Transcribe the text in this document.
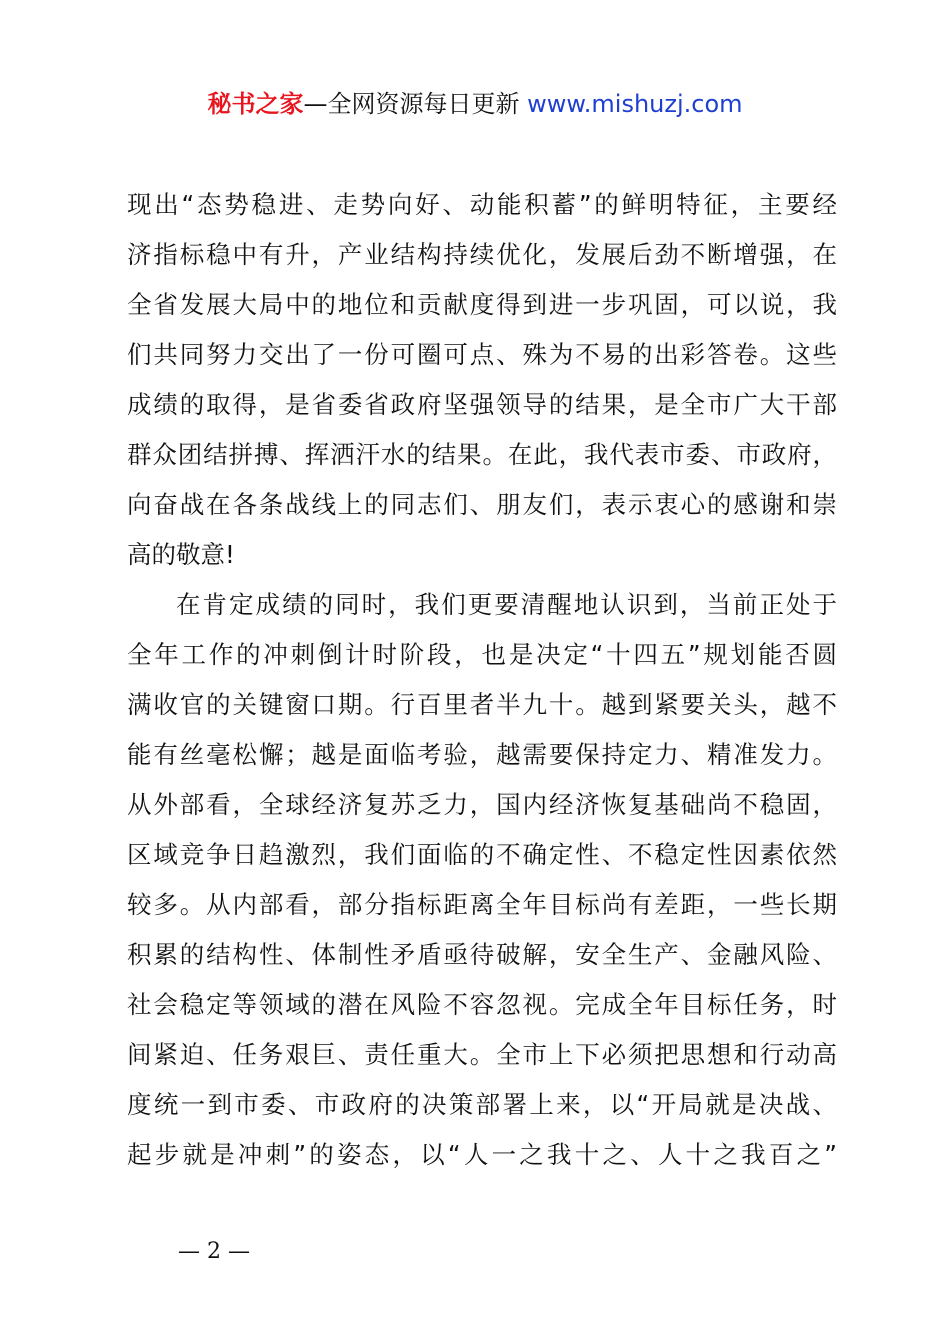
秘书之家—全网资源每日更新 www.mishuzj.com
现出“态势稳进、走势向好、动能积蓄”的鲜明特征，主要经
济指标稳中有升，产业结构持续优化，发展后劲不断增强，在
全省发展大局中的地位和贡献度得到进一步巩固，可以说，我
们共同努力交出了一份可圈可点、殊为不易的出彩答卷。这些
成绩的取得，是省委省政府坚强领导的结果，是全市广大干部
群众团结拼搏、挥洒汗水的结果。在此，我代表市委、市政府，
向奋战在各条战线上的同志们、朋友们，表示衷心的感谢和崇
高的敬意!
在肯定成绩的同时，我们更要清醒地认识到，当前正处于
全年工作的冲刺倒计时阶段，也是决定“十四五”规划能否圆
满收官的关键窗口期。行百里者半九十。越到紧要关头，越不
能有丝毫松懈；越是面临考验，越需要保持定力、精准发力。
从外部看，全球经济复苏乏力，国内经济恢复基础尚不稳固，
区域竞争日趋激烈，我们面临的不确定性、不稳定性因素依然
较多。从内部看，部分指标距离全年目标尚有差距，一些长期
积累的结构性、体制性矛盾亟待破解，安全生产、金融风险、
社会稳定等领域的潜在风险不容忽视。完成全年目标任务，时
间紧迫、任务艰巨、责任重大。全市上下必须把思想和行动高
度统一到市委、市政府的决策部署上来，以“开局就是决战、
起步就是冲刺”的姿态，以“人一之我十之、人十之我百之”
— 2 —
